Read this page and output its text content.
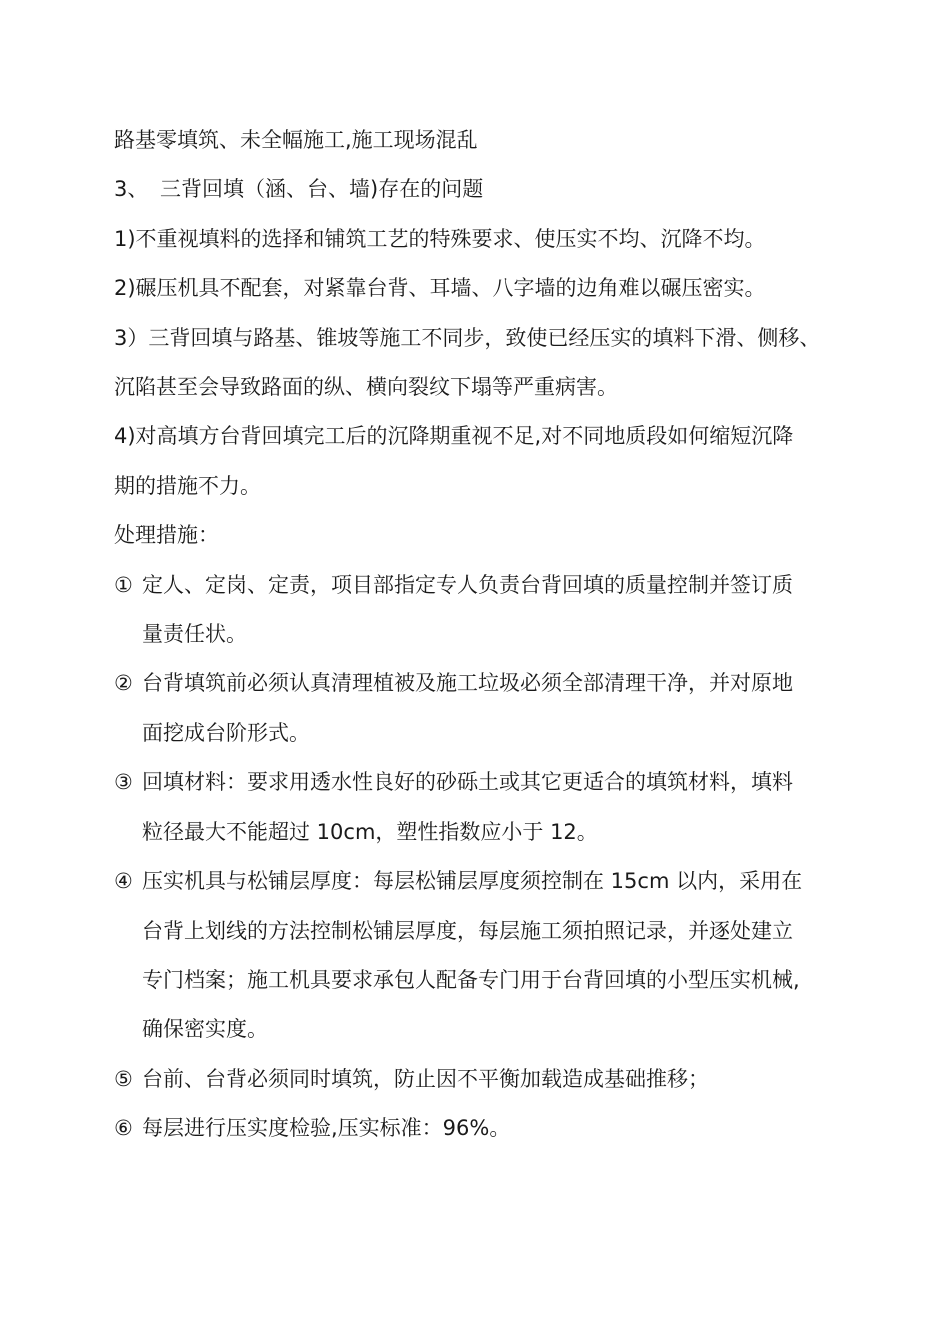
路基零填筑、未全幅施工,施工现场混乱
3、 三背回填（涵、台、墙)存在的问题
1)不重视填料的选择和铺筑工艺的特殊要求、使压实不均、沉降不均。
2)碾压机具不配套，对紧靠台背、耳墙、八字墙的边角难以碾压密实。
3）三背回填与路基、锥坡等施工不同步，致使已经压实的填料下滑、侧移、
沉陷甚至会导致路面的纵、横向裂纹下塌等严重病害。
4)对高填方台背回填完工后的沉降期重视不足,对不同地质段如何缩短沉降
期的措施不力。
处理措施：
① 定人、定岗、定责，项目部指定专人负责台背回填的质量控制并签订质
量责任状。
② 台背填筑前必须认真清理植被及施工垃圾必须全部清理干净，并对原地
面挖成台阶形式。
③ 回填材料：要求用透水性良好的砂砾土或其它更适合的填筑材料，填料
粒径最大不能超过 10cm，塑性指数应小于 12。
④ 压实机具与松铺层厚度：每层松铺层厚度须控制在 15cm 以内，采用在
台背上划线的方法控制松铺层厚度，每层施工须拍照记录，并逐处建立
专门档案；施工机具要求承包人配备专门用于台背回填的小型压实机械,
确保密实度。
⑤ 台前、台背必须同时填筑，防止因不平衡加载造成基础推移；
⑥ 每层进行压实度检验,压实标准：96%。
